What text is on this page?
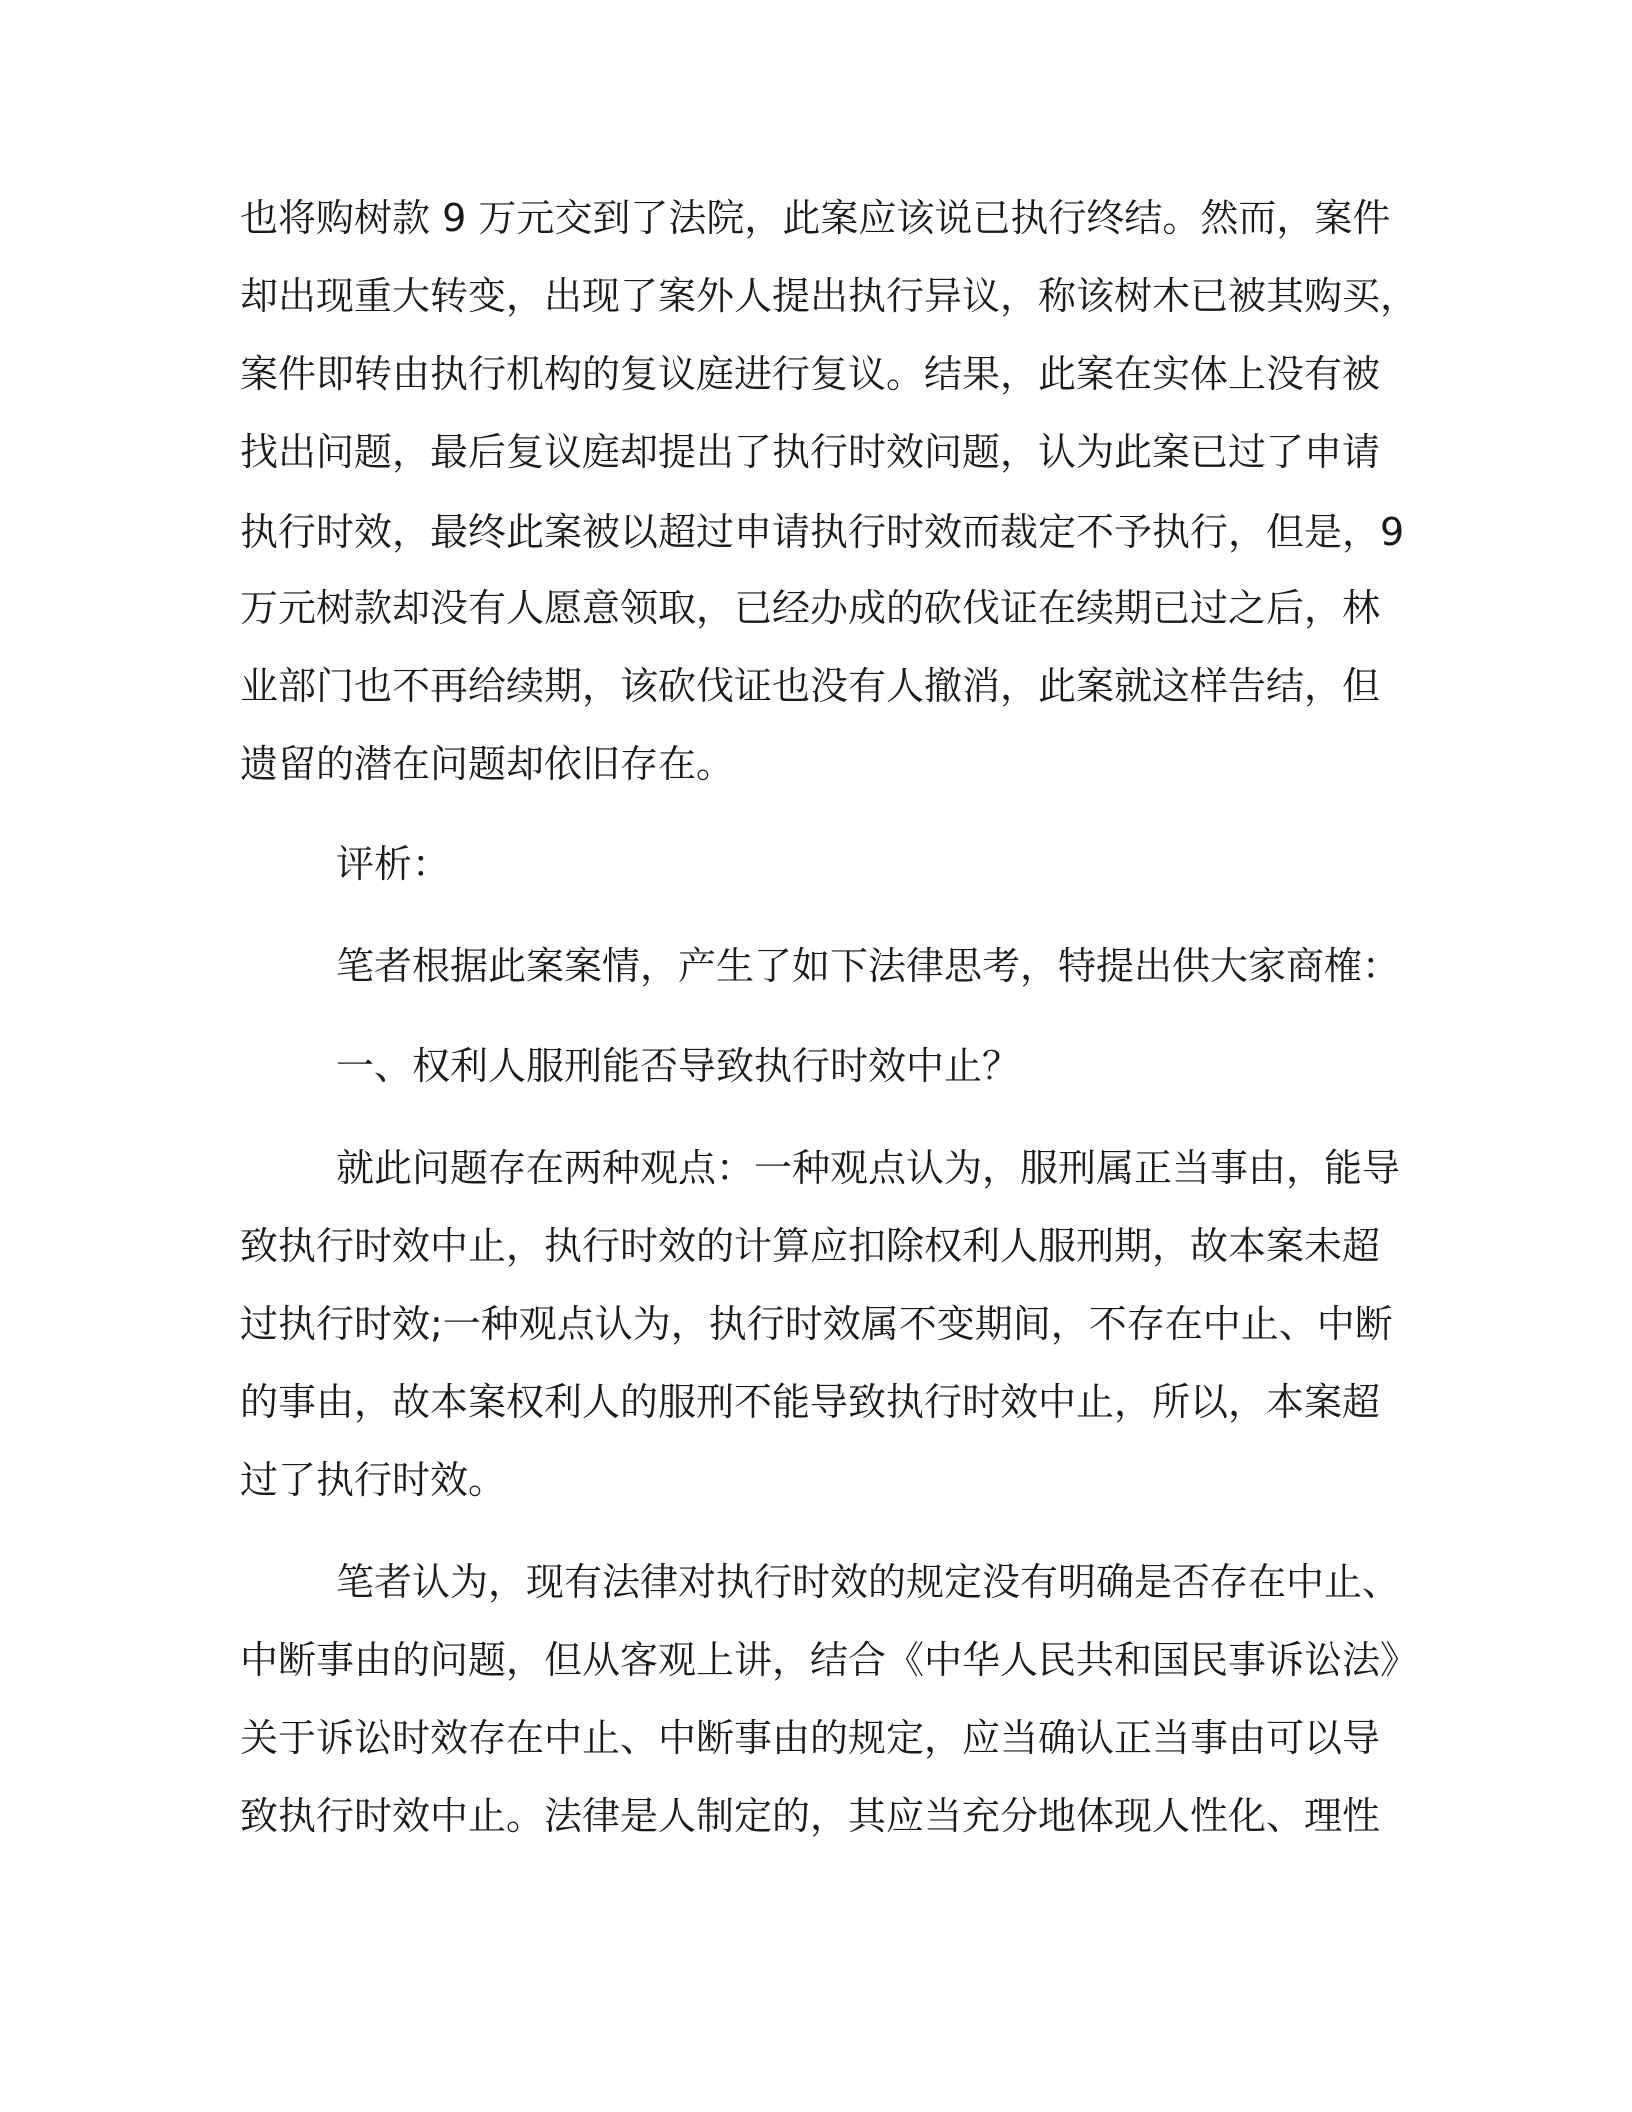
也将购树款 9 万元交到了法院，此案应该说已执行终结。然而，案件
却出现重大转变，出现了案外人提出执行异议，称该树木已被其购买，
案件即转由执行机构的复议庭进行复议。结果，此案在实体上没有被
找出问题，最后复议庭却提出了执行时效问题，认为此案已过了申请
执行时效，最终此案被以超过申请执行时效而裁定不予执行，但是，9
万元树款却没有人愿意领取，已经办成的砍伐证在续期已过之后，林
业部门也不再给续期，该砍伐证也没有人撤消，此案就这样告结，但
遗留的潜在问题却依旧存在。
评析：
笔者根据此案案情，产生了如下法律思考，特提出供大家商榷：
一、权利人服刑能否导致执行时效中止？
就此问题存在两种观点：一种观点认为，服刑属正当事由，能导
致执行时效中止，执行时效的计算应扣除权利人服刑期，故本案未超
过执行时效;一种观点认为，执行时效属不变期间，不存在中止、中断
的事由，故本案权利人的服刑不能导致执行时效中止，所以，本案超
过了执行时效。
笔者认为，现有法律对执行时效的规定没有明确是否存在中止、
中断事由的问题，但从客观上讲，结合《中华人民共和国民事诉讼法》
关于诉讼时效存在中止、中断事由的规定，应当确认正当事由可以导
致执行时效中止。法律是人制定的，其应当充分地体现人性化、理性
